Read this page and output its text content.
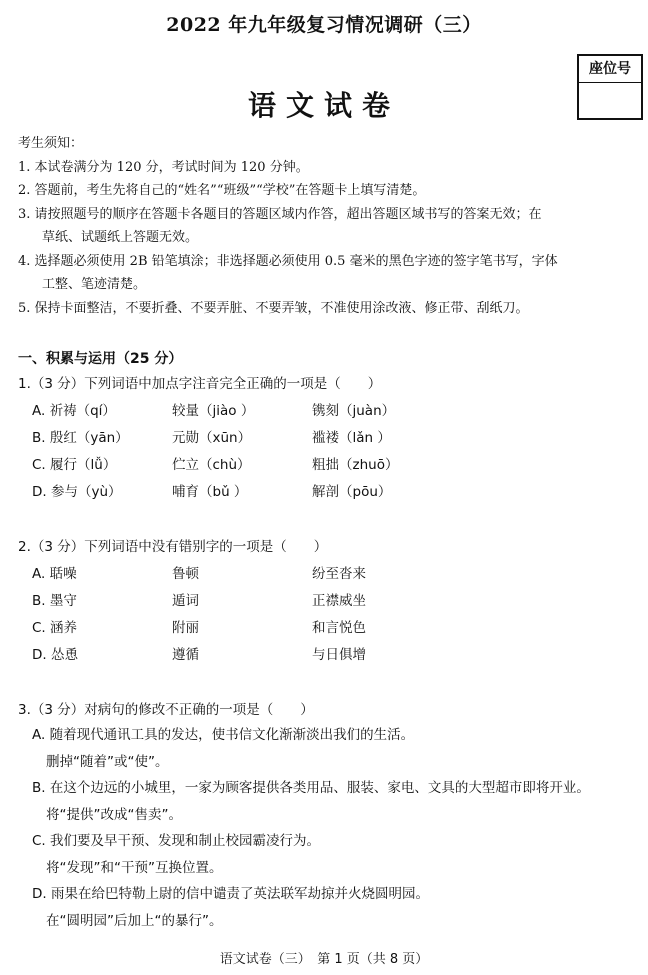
2022 年九年级复习情况调研（三）
座位号
语文试卷
考生须知：
1. 本试卷满分为 120 分，考试时间为 120 分钟。
2. 答题前，考生先将自己的“姓名”“班级”“学校”在答题卡上填写清楚。
3. 请按照题号的顺序在答题卡各题目的答题区域内作答，超出答题区域书写的答案无效；在
草纸、试题纸上答题无效。
4. 选择题必须使用 2B 铅笔填涂；非选择题必须使用 0.5 毫米的黑色字迹的签字笔书写，字体
工整、笔迹清楚。
5. 保持卡面整洁，不要折叠、不要弄脏、不要弄皱，不准使用涂改液、修正带、刮纸刀。
一、积累与运用（25 分）
1.（3 分）下列词语中加点字注音完全正确的一项是（　　）
A. 祈祷（qí）	较量（jiào ）	镌刻（juàn）
B. 殷红（yān）	元勋（xūn）	褴褛（lǎn ）
C. 履行（lǚ）	伫立（chù）	粗拙（zhuō）
D. 参与（yù）	哺育（bǔ ）	解剖（pōu）
2.（3 分）下列词语中没有错别字的一项是（　　）
A. 聒噪	鲁顿	纷至沓来
B. 墨守	遁词	正襟威坐
C. 涵养	附丽	和言悦色
D. 怂恿	遵循	与日俱增
3.（3 分）对病句的修改不正确的一项是（　　）
A. 随着现代通讯工具的发达，使书信文化渐渐淡出我们的生活。
删掉“随着”或“使”。
B. 在这个边远的小城里，一家为顾客提供各类用品、服装、家电、文具的大型超市即将开业。
将“提供”改成“售卖”。
C. 我们要及早干预、发现和制止校园霸凌行为。
将“发现”和“干预”互换位置。
D. 雨果在给巴特勒上尉的信中谴责了英法联军劫掠并火烧圆明园。
在“圆明园”后加上“的暴行”。
语文试卷（三）　第 1 页（共 8 页）
